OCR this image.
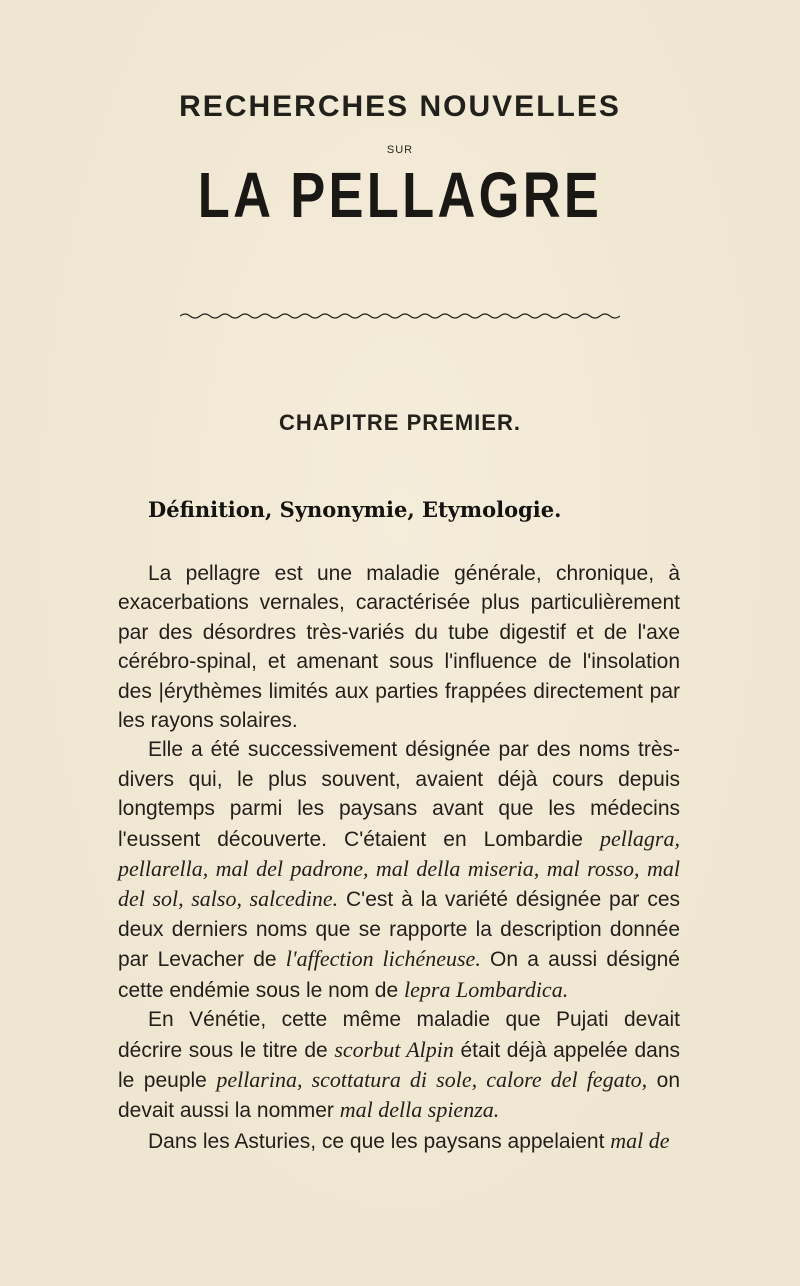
RECHERCHES NOUVELLES
SUR
LA PELLAGRE
CHAPITRE PREMIER.
Définition, Synonymie, Etymologie.

La pellagre est une maladie générale, chronique, à exacerbations vernales, caractérisée plus particulièrement par des désordres très-variés du tube digestif et de l'axe cérébro-spinal, et amenant sous l'influence de l'insolation des |érythèmes limités aux parties frappées directement par les rayons solaires.

Elle a été successivement désignée par des noms très-divers qui, le plus souvent, avaient déjà cours depuis longtemps parmi les paysans avant que les médecins l'eussent découverte. C'étaient en Lombardie pellagra, pellarella, mal del padrone, mal della miseria, mal rosso, mal del sol, salso, salcedine. C'est à la variété désignée par ces deux derniers noms que se rapporte la description donnée par Levacher de l'affection lichéneuse. On a aussi désigné cette endémie sous le nom de lepra Lombardica.

En Vénétie, cette même maladie que Pujati devait décrire sous le titre de scorbut Alpin était déjà appelée dans le peuple pellarina, scottatura di sole, calore del fegato, on devait aussi la nommer mal della spienza.

Dans les Asturies, ce que les paysans appelaient mal de
